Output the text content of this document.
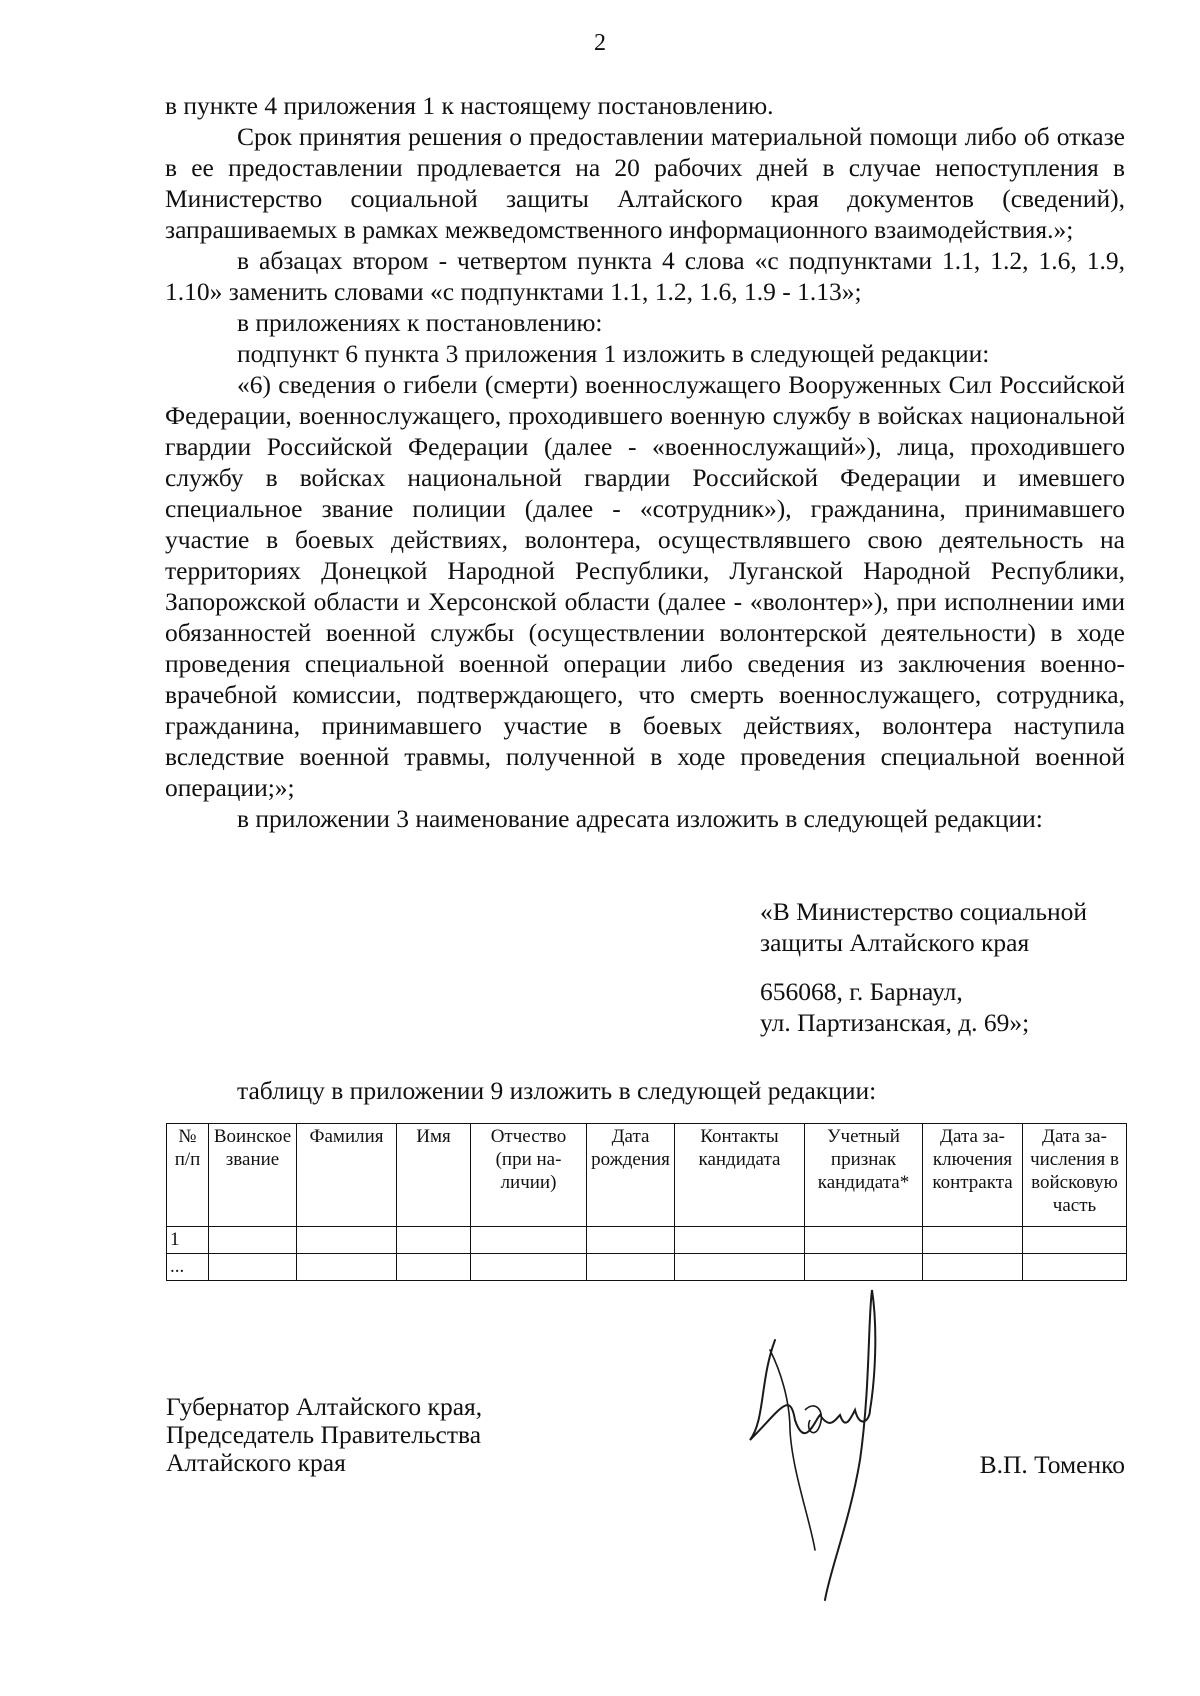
2

в пункте 4 приложения 1 к настоящему постановлению.

Срок принятия решения о предоставлении материальной помощи либо об отказе в ее предоставлении продлевается на 20 рабочих дней в случае непоступления в Министерство социальной защиты Алтайского края документов (сведений), запрашиваемых в рамках межведомственного информационного взаимодействия.»;

в абзацах втором - четвертом пункта 4 слова «с подпунктами 1.1, 1.2, 1.6, 1.9, 1.10» заменить словами «с подпунктами 1.1, 1.2, 1.6, 1.9 - 1.13»;

в приложениях к постановлению:

подпункт 6 пункта 3 приложения 1 изложить в следующей редакции:

«6) сведения о гибели (смерти) военнослужащего Вооруженных Сил Российской Федерации, военнослужащего, проходившего военную службу в войсках национальной гвардии Российской Федерации (далее - «военнослужащий»), лица, проходившего службу в войсках национальной гвардии Российской Федерации и имевшего специальное звание полиции (далее - «сотрудник»), гражданина, принимавшего участие в боевых действиях, волонтера, осуществлявшего свою деятельность на территориях Донецкой Народной Республики, Луганской Народной Республики, Запорожской области и Херсонской области (далее - «волонтер»), при исполнении ими обязанностей военной службы (осуществлении волонтерской деятельности) в ходе проведения специальной военной операции либо сведения из заключения военно-врачебной комиссии, подтверждающего, что смерть военнослужащего, сотрудника, гражданина, принимавшего участие в боевых действиях, волонтера наступила вследствие военной травмы, полученной в ходе проведения специальной военной операции;»;

в приложении 3 наименование адресата изложить в следующей редакции:

«В Министерство социальной
защиты Алтайского края
656068, г. Барнаул,
ул. Партизанская, д. 69»;
таблицу в приложении 9 изложить в следующей редакции:
№ п/п	Воинское звание	Фамилия	Имя	Отчество (при наличии)	Дата рождения	Контакты кандидата	Учетный признак кандидата*	Дата заключения контракта	Дата зачисления в войсковую часть
1									
...									
Губернатор Алтайского края,
Председатель Правительства
Алтайского края	В.П. Томенко
